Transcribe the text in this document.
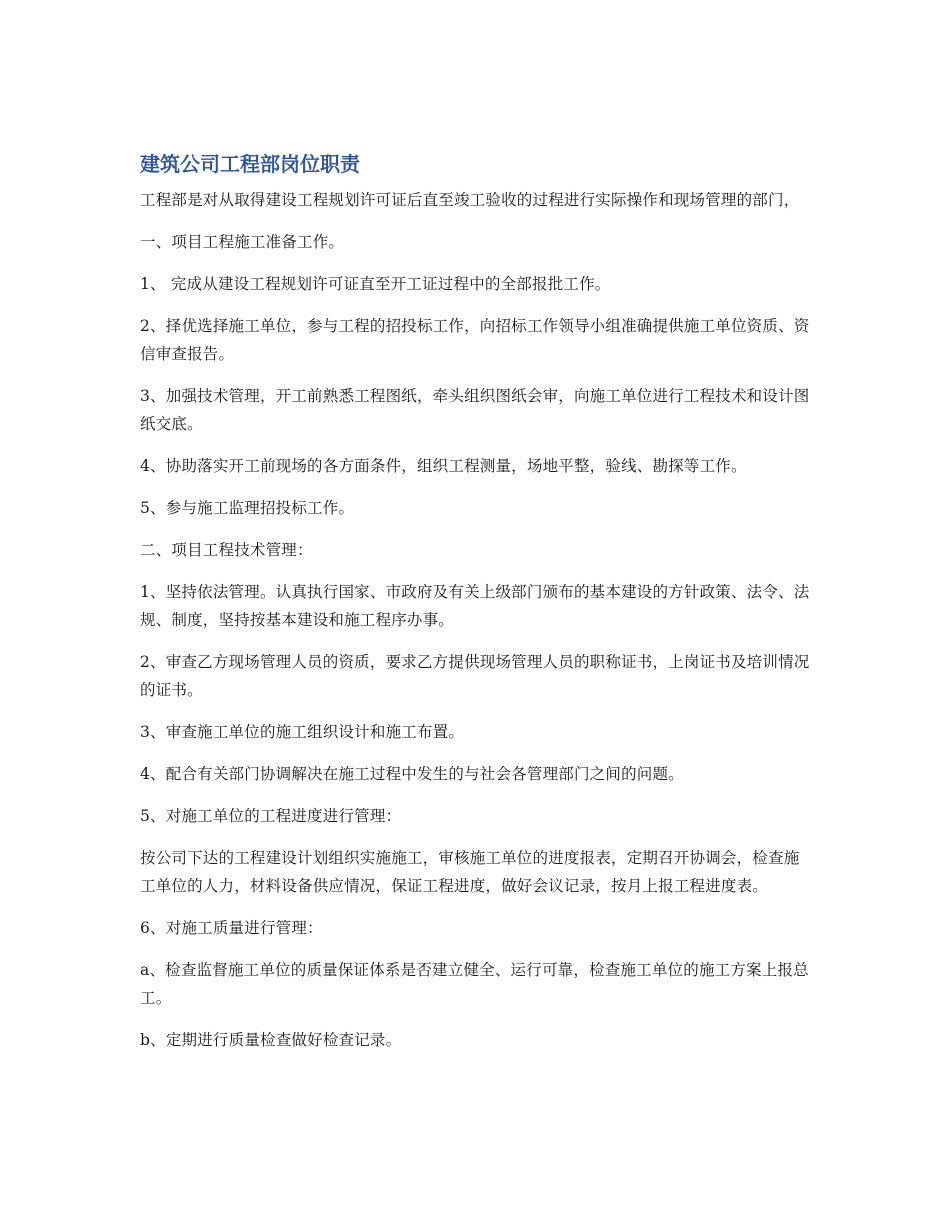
建筑公司工程部岗位职责

工程部是对从取得建设工程规划许可证后直至竣工验收的过程进行实际操作和现场管理的部门，

一、项目工程施工准备工作。

1、 完成从建设工程规划许可证直至开工证过程中的全部报批工作。

2、择优选择施工单位，参与工程的招投标工作，向招标工作领导小组准确提供施工单位资质、资信审查报告。

3、加强技术管理，开工前熟悉工程图纸，牵头组织图纸会审，向施工单位进行工程技术和设计图纸交底。

4、协助落实开工前现场的各方面条件，组织工程测量，场地平整，验线、勘探等工作。

5、参与施工监理招投标工作。

二、项目工程技术管理：

1、坚持依法管理。认真执行国家、市政府及有关上级部门颁布的基本建设的方针政策、法令、法规、制度，坚持按基本建设和施工程序办事。

2、审查乙方现场管理人员的资质，要求乙方提供现场管理人员的职称证书，上岗证书及培训情况的证书。

3、审查施工单位的施工组织设计和施工布置。

4、配合有关部门协调解决在施工过程中发生的与社会各管理部门之间的问题。

5、对施工单位的工程进度进行管理：

按公司下达的工程建设计划组织实施施工，审核施工单位的进度报表，定期召开协调会，检查施工单位的人力，材料设备供应情况，保证工程进度，做好会议记录，按月上报工程进度表。

6、对施工质量进行管理：

a、检查监督施工单位的质量保证体系是否建立健全、运行可靠，检查施工单位的施工方案上报总工。

b、定期进行质量检查做好检查记录。
